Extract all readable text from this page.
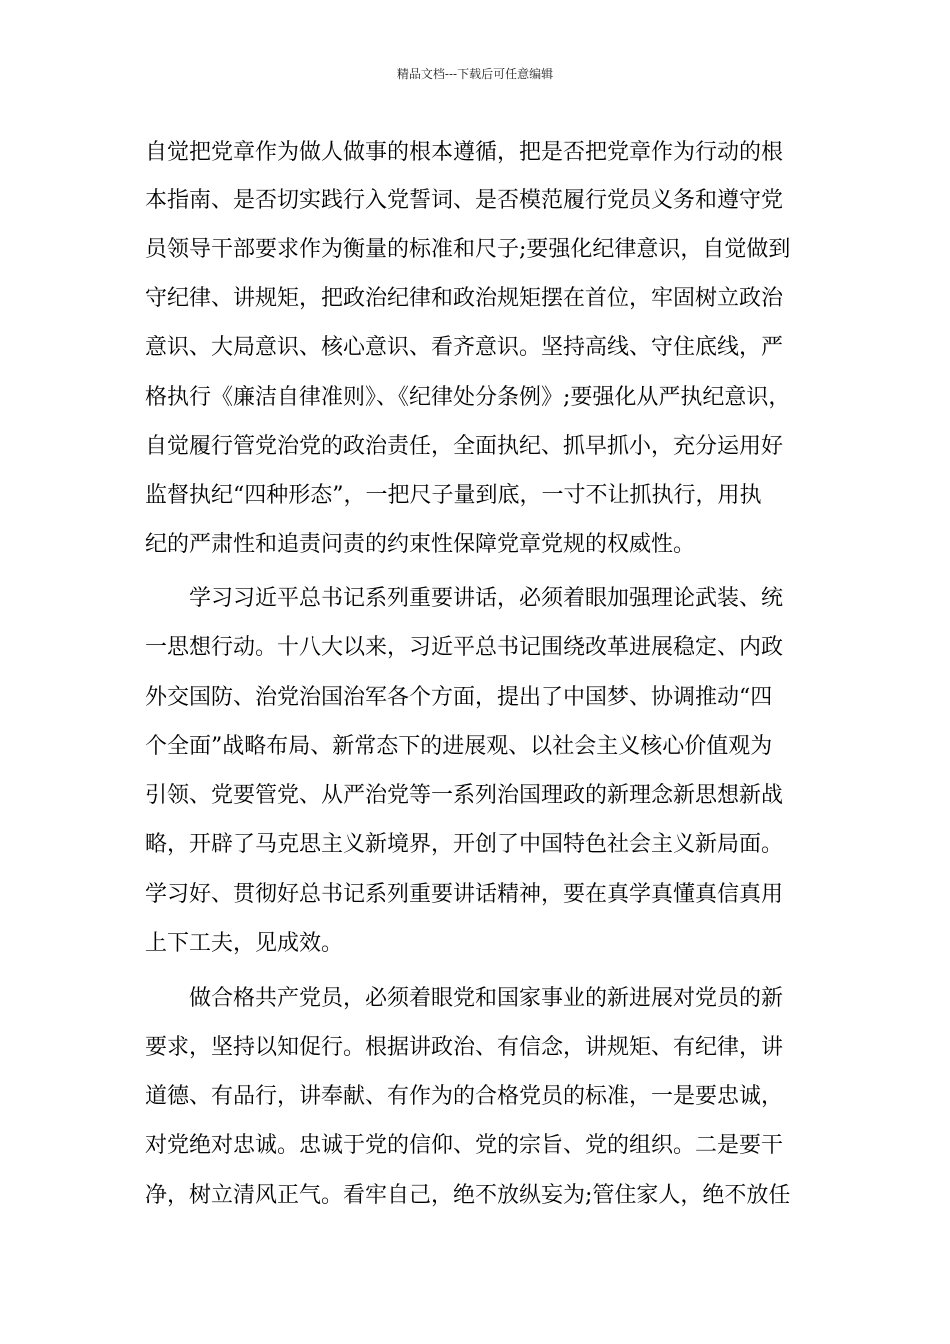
精品文档---下载后可任意编辑
自觉把党章作为做人做事的根本遵循，把是否把党章作为行动的根
本指南、是否切实践行入党誓词、是否模范履行党员义务和遵守党
员领导干部要求作为衡量的标准和尺子;要强化纪律意识，自觉做到
守纪律、讲规矩，把政治纪律和政治规矩摆在首位，牢固树立政治
意识、大局意识、核心意识、看齐意识。坚持高线、守住底线，严
格执行《廉洁自律准则》、《纪律处分条例》;要强化从严执纪意识，
自觉履行管党治党的政治责任，全面执纪、抓早抓小，充分运用好
监督执纪“四种形态”，一把尺子量到底，一寸不让抓执行，用执
纪的严肃性和追责问责的约束性保障党章党规的权威性。
学习习近平总书记系列重要讲话，必须着眼加强理论武装、统
一思想行动。十八大以来，习近平总书记围绕改革进展稳定、内政
外交国防、治党治国治军各个方面，提出了中国梦、协调推动“四
个全面”战略布局、新常态下的进展观、以社会主义核心价值观为
引领、党要管党、从严治党等一系列治国理政的新理念新思想新战
略，开辟了马克思主义新境界，开创了中国特色社会主义新局面。
学习好、贯彻好总书记系列重要讲话精神，要在真学真懂真信真用
上下工夫，见成效。
做合格共产党员，必须着眼党和国家事业的新进展对党员的新
要求，坚持以知促行。根据讲政治、有信念，讲规矩、有纪律，讲
道德、有品行，讲奉献、有作为的合格党员的标准，一是要忠诚，
对党绝对忠诚。忠诚于党的信仰、党的宗旨、党的组织。二是要干
净，树立清风正气。看牢自己，绝不放纵妄为;管住家人，绝不放任
